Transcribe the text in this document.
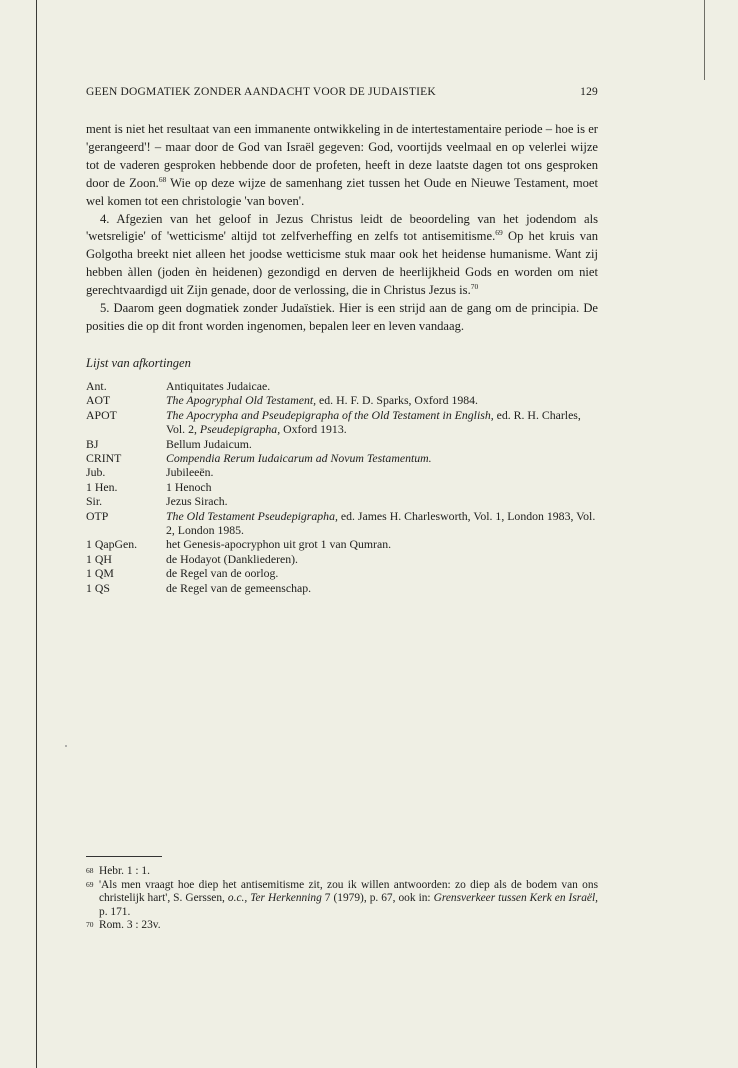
GEEN DOGMATIEK ZONDER AANDACHT VOOR DE JUDAISTIEK	129

ment is niet het resultaat van een immanente ontwikkeling in de intertestamentaire periode – hoe is er 'gerangeerd'! – maar door de God van Israël gegeven: God, voortijds veelmaal en op velerlei wijze tot de vaderen gesproken hebbende door de profeten, heeft in deze laatste dagen tot ons gesproken door de Zoon.$^{68}$ Wie op deze wijze de samenhang ziet tussen het Oude en Nieuwe Testament, moet wel komen tot een christologie 'van boven'.

4. Afgezien van het geloof in Jezus Christus leidt de beoordeling van het jodendom als 'wetsreligie' of 'wetticisme' altijd tot zelfverheffing en zelfs tot antisemitisme.$^{69}$ Op het kruis van Golgotha breekt niet alleen het joodse wetticisme stuk maar ook het heidense humanisme. Want zij hebben àllen (joden èn heidenen) gezondigd en derven de heerlijkheid Gods en worden om niet gerechtvaardigd uit Zijn genade, door de verlossing, die in Christus Jezus is.$^{70}$

5. Daarom geen dogmatiek zonder Judaïstiek. Hier is een strijd aan de gang om de principia. De posities die op dit front worden ingenomen, bepalen leer en leven vandaag.

Lijst van afkortingen
Ant.	Antiquitates Judaicae.
AOT	The Apogryphal Old Testament, ed. H. F. D. Sparks, Oxford 1984.
APOT	The Apocrypha and Pseudepigrapha of the Old Testament in English, ed. R. H. Charles, Vol. 2, Pseudepigrapha, Oxford 1913.
BJ	Bellum Judaicum.
CRINT	Compendia Rerum Iudaicarum ad Novum Testamentum.
Jub.	Jubileeën.
1 Hen.	1 Henoch
Sir.	Jezus Sirach.
OTP	The Old Testament Pseudepigrapha, ed. James H. Charlesworth, Vol. 1, London 1983, Vol. 2, London 1985.
1 QapGen.	het Genesis-apocryphon uit grot 1 van Qumran.
1 QH	de Hodayot (Dankliederen).
1 QM	de Regel van de oorlog.
1 QS	de Regel van de gemeenschap.
68 Hebr. 1 : 1.
69 'Als men vraagt hoe diep het antisemitisme zit, zou ik willen antwoorden: zo diep als de bodem van ons christelijk hart', S. Gerssen, o.c., Ter Herkenning 7 (1979), p. 67, ook in: Grensverkeer tussen Kerk en Israël, p. 171.
70 Rom. 3 : 23v.
